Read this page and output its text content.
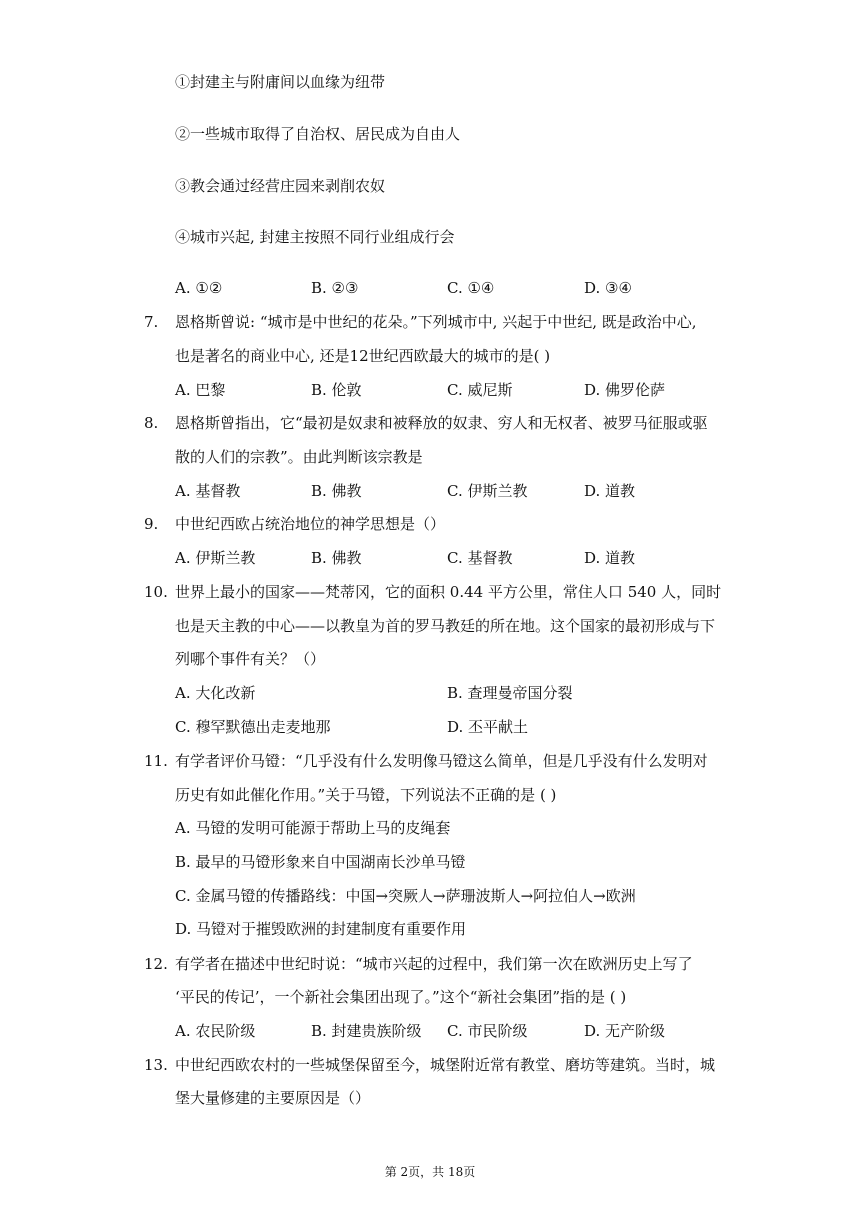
①封建主与附庸间以血缘为纽带
②一些城市取得了自治权、居民成为自由人
③教会通过经营庄园来剥削农奴
④城市兴起, 封建主按照不同行业组成行会
A. ①②	B. ②③	C. ①④	D. ③④
7. 恩格斯曾说: “城市是中世纪的花朵。”下列城市中, 兴起于中世纪, 既是政治中心,
也是著名的商业中心, 还是12世纪西欧最大的城市的是( )
A. 巴黎	B. 伦敦	C. 威尼斯	D. 佛罗伦萨
8. 恩格斯曾指出，它“最初是奴隶和被释放的奴隶、穷人和无权者、被罗马征服或驱
散的人们的宗教”。由此判断该宗教是
A. 基督教	B. 佛教	C. 伊斯兰教	D. 道教
9. 中世纪西欧占统治地位的神学思想是（）
A. 伊斯兰教	B. 佛教	C. 基督教	D. 道教
10. 世界上最小的国家——梵蒂冈，它的面积 0.44 平方公里，常住人口 540 人，同时
也是天主教的中心——以教皇为首的罗马教廷的所在地。这个国家的最初形成与下
列哪个事件有关？（）
A. 大化改新	B. 查理曼帝国分裂
C. 穆罕默德出走麦地那	D. 丕平献土
11. 有学者评价马镫：“几乎没有什么发明像马镫这么简单，但是几乎没有什么发明对
历史有如此催化作用。”关于马镫，下列说法不正确的是 ( )
A. 马镫的发明可能源于帮助上马的皮绳套
B. 最早的马镫形象来自中国湖南长沙单马镫
C. 金属马镫的传播路线：中国→突厥人→萨珊波斯人→阿拉伯人→欧洲
D. 马镫对于摧毁欧洲的封建制度有重要作用
12. 有学者在描述中世纪时说：“城市兴起的过程中，我们第一次在欧洲历史上写了
‘平民的传记’，一个新社会集团出现了。”这个“新社会集团”指的是 ( )
A. 农民阶级	B. 封建贵族阶级 C. 市民阶级	D. 无产阶级
13. 中世纪西欧农村的一些城堡保留至今，城堡附近常有教堂、磨坊等建筑。当时，城
堡大量修建的主要原因是（）
第 2页，共 18页
